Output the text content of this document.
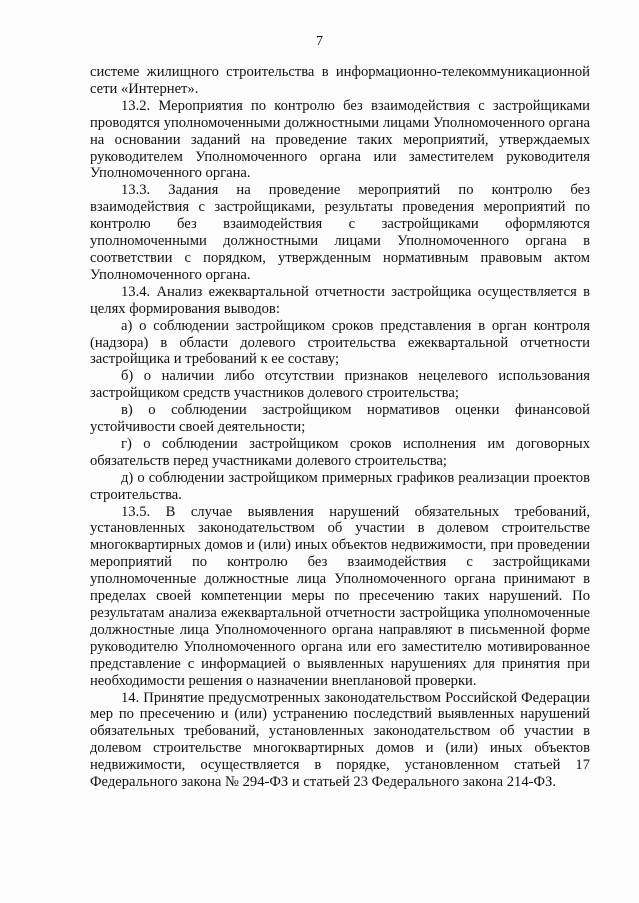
7

системе жилищного строительства в информационно-телекоммуникационной сети «Интернет».

13.2. Мероприятия по контролю без взаимодействия с застройщиками проводятся уполномоченными должностными лицами Уполномоченного органа на основании заданий на проведение таких мероприятий, утверждаемых руководителем Уполномоченного органа или заместителем руководителя Уполномоченного органа.

13.3. Задания на проведение мероприятий по контролю без взаимодействия с застройщиками, результаты проведения мероприятий по контролю без взаимодействия с застройщиками оформляются уполномоченными должностными лицами Уполномоченного органа в соответствии с порядком, утвержденным нормативным правовым актом Уполномоченного органа.

13.4. Анализ ежеквартальной отчетности застройщика осуществляется в целях формирования выводов:

а) о соблюдении застройщиком сроков представления в орган контроля (надзора) в области долевого строительства ежеквартальной отчетности застройщика и требований к ее составу;

б) о наличии либо отсутствии признаков нецелевого использования застройщиком средств участников долевого строительства;

в) о соблюдении застройщиком нормативов оценки финансовой устойчивости своей деятельности;

г) о соблюдении застройщиком сроков исполнения им договорных обязательств перед участниками долевого строительства;

д) о соблюдении застройщиком примерных графиков реализации проектов строительства.

13.5. В случае выявления нарушений обязательных требований, установленных законодательством об участии в долевом строительстве многоквартирных домов и (или) иных объектов недвижимости, при проведении мероприятий по контролю без взаимодействия с застройщиками уполномоченные должностные лица Уполномоченного органа принимают в пределах своей компетенции меры по пресечению таких нарушений. По результатам анализа ежеквартальной отчетности застройщика уполномоченные должностные лица Уполномоченного органа направляют в письменной форме руководителю Уполномоченного органа или его заместителю мотивированное представление с информацией о выявленных нарушениях для принятия при необходимости решения о назначении внеплановой проверки.

14. Принятие предусмотренных законодательством Российской Федерации мер по пресечению и (или) устранению последствий выявленных нарушений обязательных требований, установленных законодательством об участии в долевом строительстве многоквартирных домов и (или) иных объектов недвижимости, осуществляется в порядке, установленном статьей 17 Федерального закона № 294-ФЗ и статьей 23 Федерального закона 214-ФЗ.
